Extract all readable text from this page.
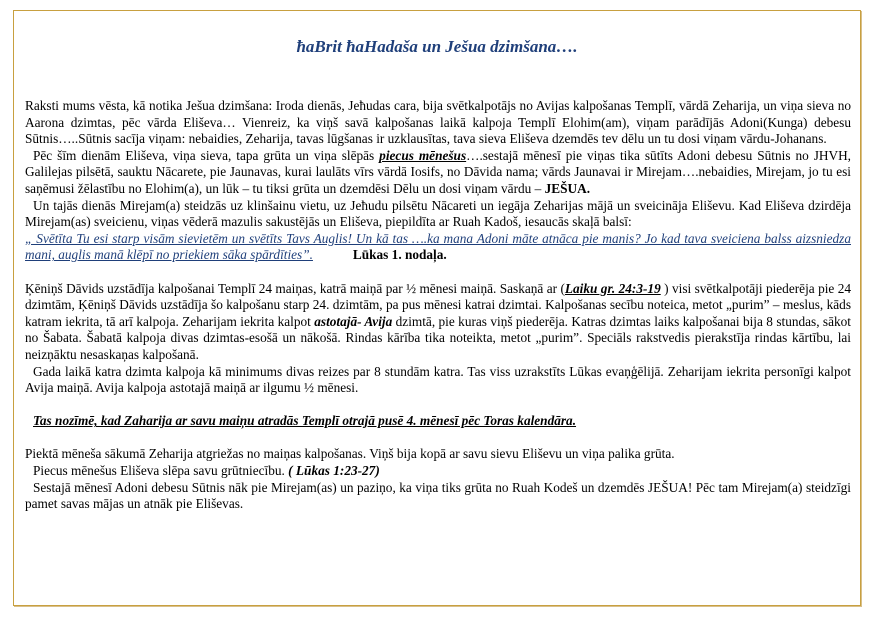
ħaBrit ħaHadaša un Ješua dzimšana….

Raksti mums vēsta, kā notika Ješua dzimšana: Iroda dienās, Jeħudas cara, bija svētkalpotājs no Avijas kalpošanas Templī, vārdā Zeharija, un viņa sieva no Aarona dzimtas, pēc vārda Eliševa… Vienreiz, ka viņš savā kalpošanas laikā kalpoja Templī Elohim(am), viņam parādījās Adoni(Kunga) debesu Sūtnis…..Sūtnis sacīja viņam: nebaidies, Zeharija, tavas lūgšanas ir uzklausītas, tava sieva Eliševa dzemdēs tev dēlu un tu dosi viņam vārdu-Johanans.

Pēc šīm dienām Eliševa, viņa sieva, tapa grūta un viņa slēpās piecus mēnešus….sestajā mēnesī pie viņas tika sūtīts Adoni debesu Sūtnis no JHVH, Galilejas pilsētā, sauktu Nācarete, pie Jaunavas, kurai laulāts vīrs vārdā Iosifs, no Dāvida nama; vārds Jaunavai ir Mirejam….nebaidies, Mirejam, jo tu esi saņēmusi žēlastību no Elohim(a), un lūk – tu tiksi grūta un dzemdēsi Dēlu un dosi viņam vārdu – JEŠUA.

Un tajās dienās Mirejam(a) steidzās uz klinšainu vietu, uz Jeħudu pilsētu Nācareti un iegāja Zeharijas mājā un sveicināja Eliševu. Kad Eliševa dzirdēja Mirejam(as) sveicienu, viņas vēderā mazulis sakustējās un Eliševa, piepildīta ar Ruah Kadoš, iesaucās skaļā balsī:

„ Svētīta Tu esi starp visām sievietēm un svētīts Tavs Auglis! Un kā tas ….ka mana Adoni māte atnāca pie manis? Jo kad tava sveiciena balss aizsniedza mani, auglis manā klēpī no priekiem sāka spārdīties”.	Lūkas 1. nodaļa.

Ķēniņš Dāvids uzstādīja kalpošanai Templī 24 maiņas, katrā maiņā par ½ mēnesi maiņā. Saskaņā ar (Laiku gr. 24:3-19 ) visi svētkalpotāji piederēja pie 24 dzimtām, Ķēniņš Dāvids uzstādīja šo kalpošanu starp 24. dzimtām, pa pus mēnesi katrai dzimtai. Kalpošanas secību noteica, metot „purim” – meslus, kāds katram iekrita, tā arī kalpoja. Zeharijam iekrita kalpot astotajā- Avija dzimtā, pie kuras viņš piederēja. Katras dzimtas laiks kalpošanai bija 8 stundas, sākot no Šabata. Šabatā kalpoja divas dzimtas-esošā un nākošā. Rindas kārība tika noteikta, metot „purim”. Speciāls rakstvedis pierakstīja rindas kārtību, lai neizņāktu nesaskaņas kalpošanā.

Gada laikā katra dzimta kalpoja kā minimums divas reizes par 8 stundām katra. Tas viss uzrakstīts Lūkas evaņģēlijā. Zeharijam iekrita personīgi kalpot Avija maiņā. Avija kalpoja astotajā maiņā ar ilgumu ½ mēnesi.

Tas nozīmē, kad Zaharija ar savu maiņu atradās Templī otrajā pusē 4. mēnesī pēc Toras kalendāra.

Piektā mēneša sākumā Zeharija atgriežas no maiņas kalpošanas. Viņš bija kopā ar savu sievu Eliševu un viņa palika grūta.

Piecus mēnešus Eliševa slēpa savu grūtniecību. ( Lūkas 1:23-27)

Sestajā mēnesī Adoni debesu Sūtnis nāk pie Mirejam(as) un paziņo, ka viņa tiks grūta no Ruah Kodeš un dzemdēs JEŠUA! Pēc tam Mirejam(a) steidzīgi pamet savas mājas un atnāk pie Eliševas.
